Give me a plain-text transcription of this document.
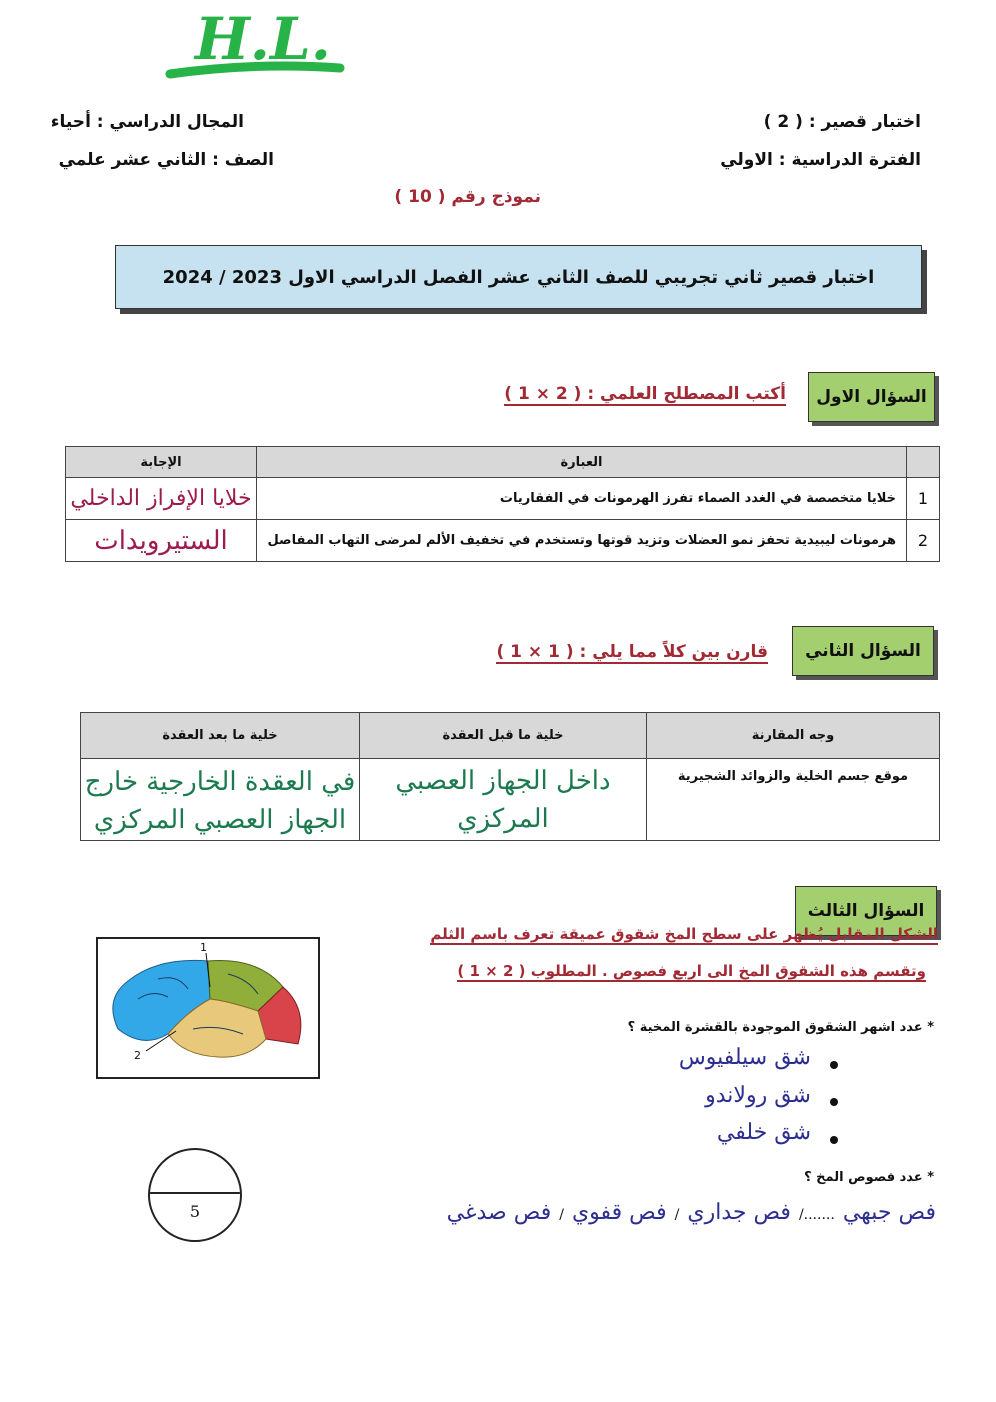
H.L.
اختبار قصير : ( 2 )
الفترة الدراسية : الاولي
المجال الدراسي : أحياء
الصف : الثاني عشر علمي
نموذج رقم ( 10 )
اختبار قصير ثاني تجريبي للصف الثاني عشر الفصل الدراسي الاول 2023 / 2024
السؤال الاول
أكتب المصطلح العلمي : ( 2 × 1 )
	العبارة	الإجابة
1	خلايا متخصصة في الغدد الصماء تفرز الهرمونات في الفقاريات	خلايا الإفراز الداخلي
2	هرمونات ليبيدية تحفز نمو العضلات وتزيد قوتها وتستخدم في تخفيف الألم لمرضى التهاب المفاصل	الستيرويدات
السؤال الثاني
قارن بين كلاً مما يلي : ( 1 × 1 )
وجه المقارنة	خلية ما قبل العقدة	خلية ما بعد العقدة
موقع جسم الخلية والزوائد الشجيرية	داخل الجهاز العصبي المركزي	في العقدة الخارجية خارج الجهاز العصبي المركزي
السؤال الثالث
الشكل المقابل يُظهر على سطح المخ شقوق عميقة تعرف باسم الثلم
وتقسم هذه الشقوق المخ الى اربع فصوص . المطلوب ( 2 × 1 )
1
2
* عدد اشهر الشقوق الموجودة بالقشرة المخية ؟
شق سيلفيوس
شق رولاندو
شق خلفي
* عدد فصوص المخ ؟
فص جبهي
......./
فص جداري
/
فص قفوي
/
فص صدغي
5
